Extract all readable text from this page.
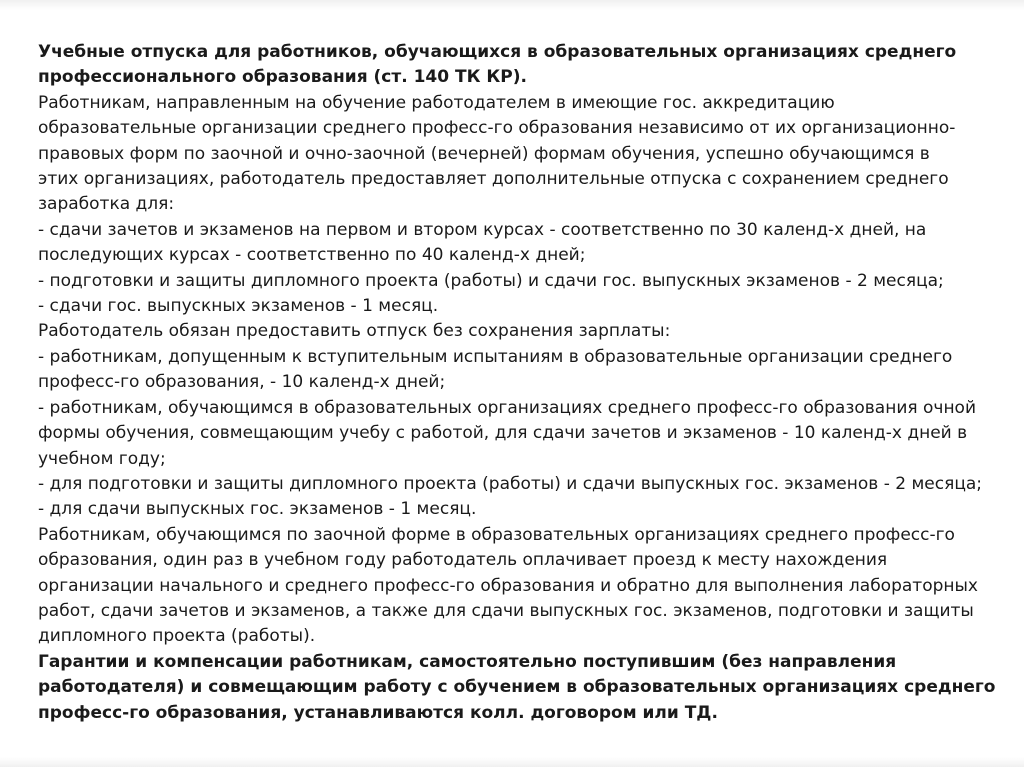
Учебные отпуска для работников, обучающихся в образовательных организациях среднего
профессионального образования (ст. 140 ТК КР).
Работникам, направленным на обучение работодателем в имеющие гос. аккредитацию
образовательные организации среднего професс-го образования независимо от их организационно-
правовых форм по заочной и очно-заочной (вечерней) формам обучения, успешно обучающимся в
этих организациях, работодатель предоставляет дополнительные отпуска с сохранением среднего
заработка для:
- сдачи зачетов и экзаменов на первом и втором курсах - соответственно по 30 календ-х дней, на
последующих курсах - соответственно по 40 календ-х дней;
- подготовки и защиты дипломного проекта (работы) и сдачи гос. выпускных экзаменов - 2 месяца;
- сдачи гос. выпускных экзаменов - 1 месяц.
Работодатель обязан предоставить отпуск без сохранения зарплаты:
- работникам, допущенным к вступительным испытаниям в образовательные организации среднего
професс-го образования, - 10 календ-х дней;
- работникам, обучающимся в образовательных организациях среднего професс-го образования очной
формы обучения, совмещающим учебу с работой, для сдачи зачетов и экзаменов - 10 календ-х дней в
учебном году;
- для подготовки и защиты дипломного проекта (работы) и сдачи выпускных гос. экзаменов - 2 месяца;
- для сдачи выпускных гос. экзаменов - 1 месяц.
Работникам, обучающимся по заочной форме в образовательных организациях среднего професс-го
образования, один раз в учебном году работодатель оплачивает проезд к месту нахождения
организации начального и среднего професс-го образования и обратно для выполнения лабораторных
работ, сдачи зачетов и экзаменов, а также для сдачи выпускных гос. экзаменов, подготовки и защиты
дипломного проекта (работы).
Гарантии и компенсации работникам, самостоятельно поступившим (без направления
работодателя) и совмещающим работу с обучением в образовательных организациях среднего
професс-го образования, устанавливаются колл. договором или ТД.
